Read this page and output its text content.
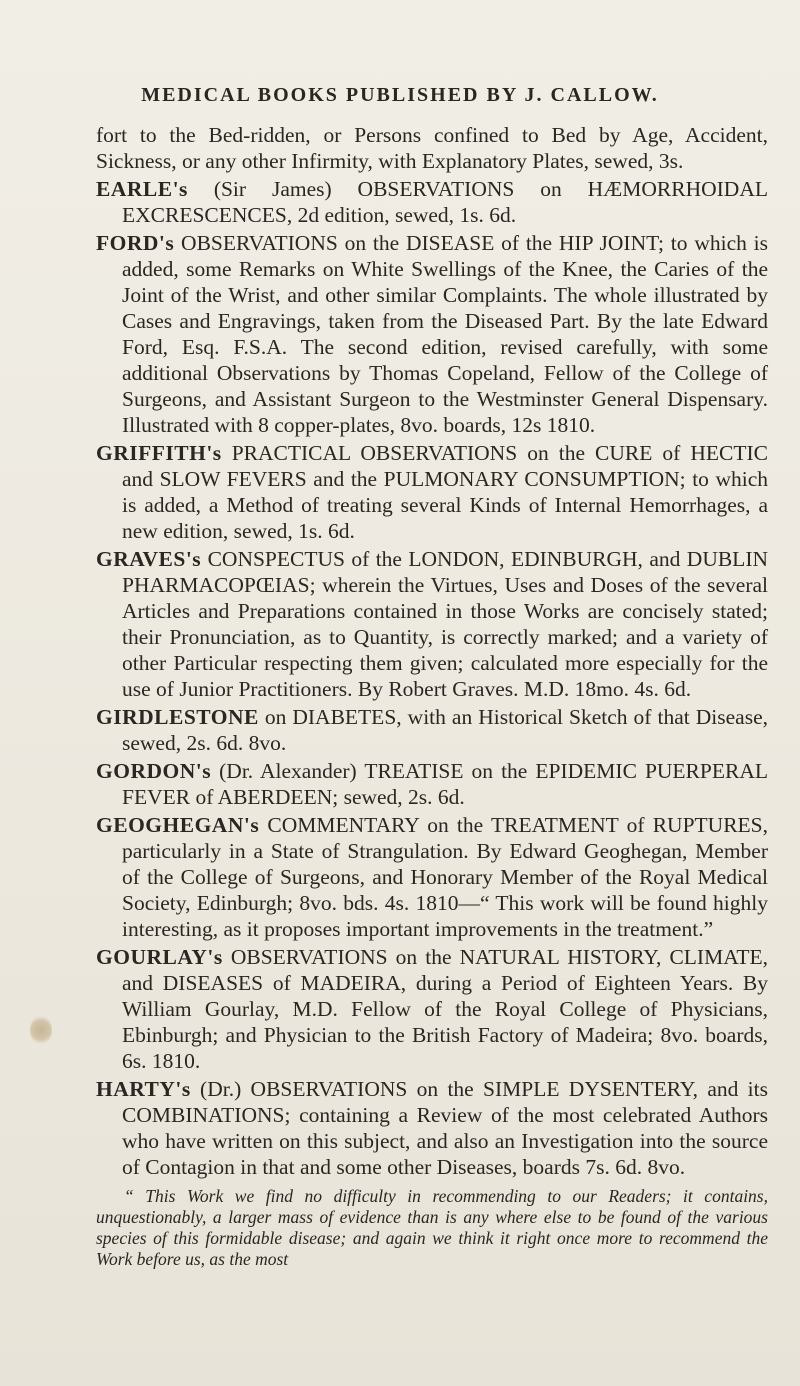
MEDICAL BOOKS PUBLISHED BY J. CALLOW.

fort to the Bed-ridden, or Persons confined to Bed by Age, Accident, Sickness, or any other Infirmity, with Explanatory Plates, sewed, 3s.

EARLE's (Sir James) OBSERVATIONS on HÆMORRHOIDAL EXCRESCENCES, 2d edition, sewed, 1s. 6d.

FORD's OBSERVATIONS on the DISEASE of the HIP JOINT; to which is added, some Remarks on White Swellings of the Knee, the Caries of the Joint of the Wrist, and other similar Complaints. The whole illustrated by Cases and Engravings, taken from the Diseased Part. By the late Edward Ford, Esq. F.S.A. The second edition, revised carefully, with some additional Observations by Thomas Copeland, Fellow of the College of Surgeons, and Assistant Surgeon to the Westminster General Dispensary. Illustrated with 8 copper-plates, 8vo. boards, 12s 1810.

GRIFFITH's PRACTICAL OBSERVATIONS on the CURE of HECTIC and SLOW FEVERS and the PULMONARY CONSUMPTION; to which is added, a Method of treating several Kinds of Internal Hemorrhages, a new edition, sewed, 1s. 6d.

GRAVES's CONSPECTUS of the LONDON, EDINBURGH, and DUBLIN PHARMACOPŒIAS; wherein the Virtues, Uses and Doses of the several Articles and Preparations contained in those Works are concisely stated; their Pronunciation, as to Quantity, is correctly marked; and a variety of other Particular respecting them given; calculated more especially for the use of Junior Practitioners. By Robert Graves. M.D. 18mo. 4s. 6d.

GIRDLESTONE on DIABETES, with an Historical Sketch of that Disease, sewed, 2s. 6d. 8vo.

GORDON's (Dr. Alexander) TREATISE on the EPIDEMIC PUERPERAL FEVER of ABERDEEN; sewed, 2s. 6d.

GEOGHEGAN's COMMENTARY on the TREATMENT of RUPTURES, particularly in a State of Strangulation. By Edward Geoghegan, Member of the College of Surgeons, and Honorary Member of the Royal Medical Society, Edinburgh; 8vo. bds. 4s. 1810—“ This work will be found highly interesting, as it proposes important improvements in the treatment.”

GOURLAY's OBSERVATIONS on the NATURAL HISTORY, CLIMATE, and DISEASES of MADEIRA, during a Period of Eighteen Years. By William Gourlay, M.D. Fellow of the Royal College of Physicians, Ebinburgh; and Physician to the British Factory of Madeira; 8vo. boards, 6s. 1810.

HARTY's (Dr.) OBSERVATIONS on the SIMPLE DYSENTERY, and its COMBINATIONS; containing a Review of the most celebrated Authors who have written on this subject, and also an Investigation into the source of Contagion in that and some other Diseases, boards 7s. 6d. 8vo.

“ This Work we find no difficulty in recommending to our Readers; it contains, unquestionably, a larger mass of evidence than is any where else to be found of the various species of this formidable disease; and again we think it right once more to recommend the Work before us, as the most
